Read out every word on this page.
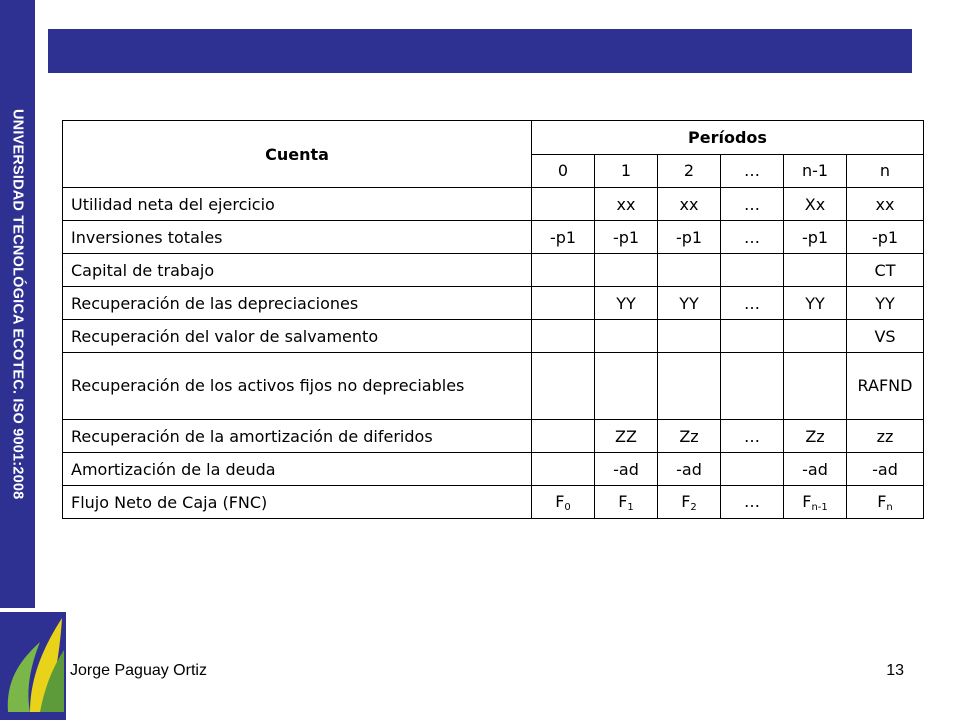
UNIVERSIDAD TECNOLÓGICA ECOTEC. ISO 9001:2008	Cuenta	Períodos					
	0	1	2	…	n-1	n
Utilidad neta del ejercicio		xx	xx	…	Xx	xx
Inversiones totales	-p1	-p1	-p1	…	-p1	-p1
Capital de trabajo						CT
Recuperación de las depreciaciones		YY	YY	…	YY	YY
Recuperación del valor de salvamento						VS
Recuperación de los activos fijos no depreciables						RAFND
Recuperación de la amortización de diferidos		ZZ	Zz	…	Zz	zz
Amortización de la deuda		-ad	-ad		-ad	-ad
Flujo Neto de Caja (FNC)	$F_0$	$F_1$	$F_2$	…	$F_{n-1}$	$F_n$
Jorge Paguay Ortiz	13
